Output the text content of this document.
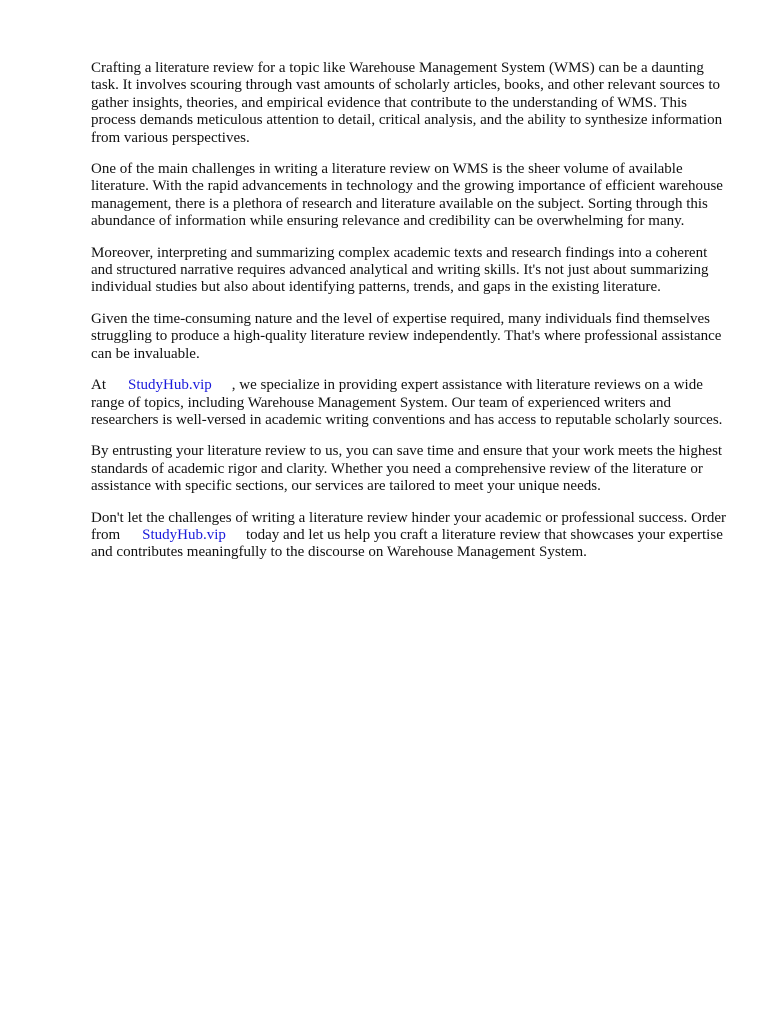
Crafting a literature review for a topic like Warehouse Management System (WMS) can be a daunting task. It involves scouring through vast amounts of scholarly articles, books, and other relevant sources to gather insights, theories, and empirical evidence that contribute to the understanding of WMS. This process demands meticulous attention to detail, critical analysis, and the ability to synthesize information from various perspectives.

One of the main challenges in writing a literature review on WMS is the sheer volume of available literature. With the rapid advancements in technology and the growing importance of efficient warehouse management, there is a plethora of research and literature available on the subject. Sorting through this abundance of information while ensuring relevance and credibility can be overwhelming for many.

Moreover, interpreting and summarizing complex academic texts and research findings into a coherent and structured narrative requires advanced analytical and writing skills. It's not just about summarizing individual studies but also about identifying patterns, trends, and gaps in the existing literature.

Given the time-consuming nature and the level of expertise required, many individuals find themselves struggling to produce a high-quality literature review independently. That's where professional assistance can be invaluable.

At StudyHub.vip , we specialize in providing expert assistance with literature reviews on a wide range of topics, including Warehouse Management System. Our team of experienced writers and researchers is well-versed in academic writing conventions and has access to reputable scholarly sources.

By entrusting your literature review to us, you can save time and ensure that your work meets the highest standards of academic rigor and clarity. Whether you need a comprehensive review of the literature or assistance with specific sections, our services are tailored to meet your unique needs.

Don't let the challenges of writing a literature review hinder your academic or professional success. Order from StudyHub.vip today and let us help you craft a literature review that showcases your expertise and contributes meaningfully to the discourse on Warehouse Management System.
